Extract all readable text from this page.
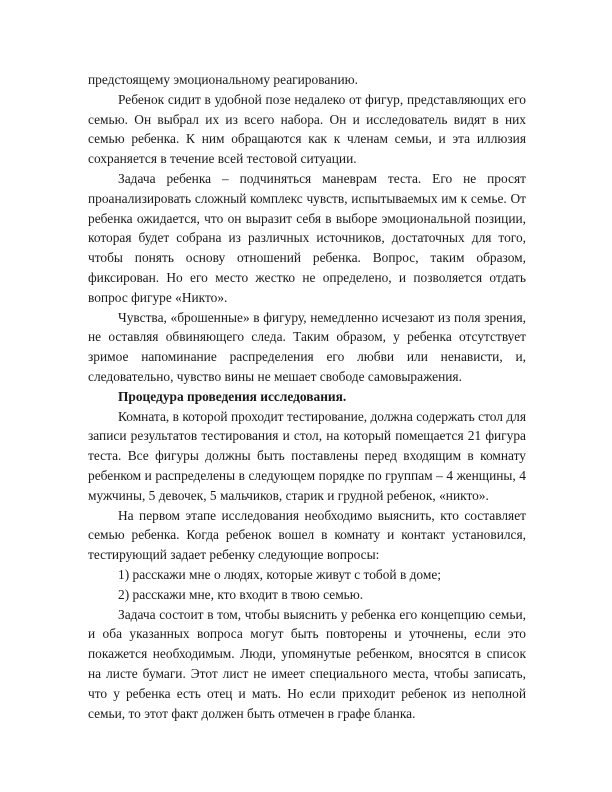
предстоящему эмоциональному реагированию.

Ребенок сидит в удобной позе недалеко от фигур, представляющих его семью. Он выбрал их из всего набора. Он и исследователь видят в них семью ребенка. К ним обращаются как к членам семьи, и эта иллюзия сохраняется в течение всей тестовой ситуации.

Задача ребенка – подчиняться маневрам теста. Его не просят проанализировать сложный комплекс чувств, испытываемых им к семье. От ребенка ожидается, что он выразит себя в выборе эмоциональной позиции, которая будет собрана из различных источников, достаточных для того, чтобы понять основу отношений ребенка. Вопрос, таким образом, фиксирован. Но его место жестко не определено, и позволяется отдать вопрос фигуре «Никто».

Чувства, «брошенные» в фигуру, немедленно исчезают из поля зрения, не оставляя обвиняющего следа. Таким образом, у ребенка отсутствует зримое напоминание распределения его любви или ненависти, и, следовательно, чувство вины не мешает свободе самовыражения.

Процедура проведения исследования.

Комната, в которой проходит тестирование, должна содержать стол для записи результатов тестирования и стол, на который помещается 21 фигура теста. Все фигуры должны быть поставлены перед входящим в комнату ребенком и распределены в следующем порядке по группам – 4 женщины, 4 мужчины, 5 девочек, 5 мальчиков, старик и грудной ребенок, «никто».

На первом этапе исследования необходимо выяснить, кто составляет семью ребенка. Когда ребенок вошел в комнату и контакт установился, тестирующий задает ребенку следующие вопросы:

1) расскажи мне о людях, которые живут с тобой в доме;

2) расскажи мне, кто входит в твою семью.

Задача состоит в том, чтобы выяснить у ребенка его концепцию семьи, и оба указанных вопроса могут быть повторены и уточнены, если это покажется необходимым. Люди, упомянутые ребенком, вносятся в список на листе бумаги. Этот лист не имеет специального места, чтобы записать, что у ребенка есть отец и мать. Но если приходит ребенок из неполной семьи, то этот факт должен быть отмечен в графе бланка.
